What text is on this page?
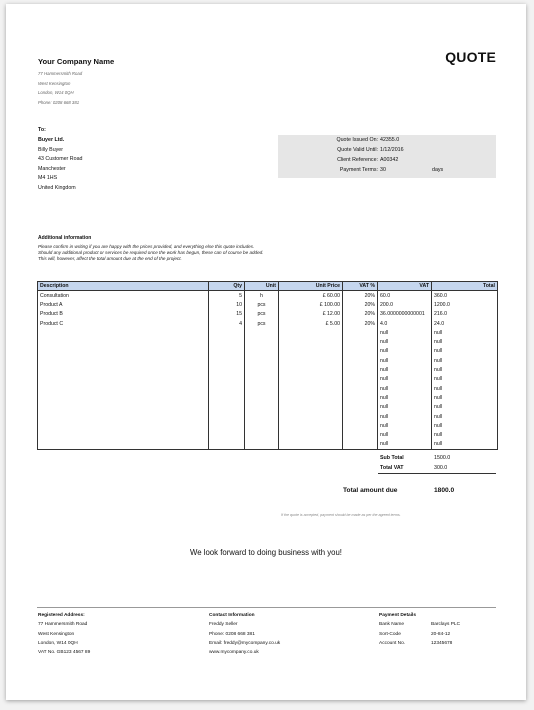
Your Company Name
77 Hammersmith Road
West Kensington
London, W14 0QH
Phone: 0208 668 381
QUOTE
To:
Buyer Ltd.
Billy Buyer
43 Customer Road
Manchester
M4 1HS
United Kingdom
Quote Issued On: 42355.0
Quote Valid Until: 1/12/2016
Client Reference: A00342
Payment Terms: 30	days
Additional information
Please confirm in writing if you are happy with the prices provided, and everything else this quote includes.
Should any additional product or services be required once the work has begun, these can of course be added.
This will, however, affect the total amount due at the end of the project.
Description	Qty	Unit	Unit Price	VAT %	VAT	Total
Consultation	5	h	£ 60.00	20%	60.0	360.0
Product A	10	pcs	£ 100.00	20%	200.0	1200.0
Product B	15	pcs	£ 12.00	20%	36.0000000000001	216.0
Product C	4	pcs	£ 5.00	20%	4.0	24.0
					null	null
					null	null
					null	null
					null	null
					null	null
					null	null
					null	null
					null	null
					null	null
					null	null
					null	null
					null	null
					null	null
Sub Total	1500.0
Total VAT	300.0
Total amount due	1800.0
If the quote is accepted, payment should be made as per the agreed terms.
We look forward to doing business with you!
Registered Address:
77 Hammersmith Road
West Kensington
London, W14 0QH
VAT No. GB123 4567 89
Contact Information
Freddy Seller
Phone: 0208 668 381
Email: freddy@mycompany.co.uk
www.mycompany.co.uk
Payment Details
Bank Name	Barclays PLC
Sort-Code	20-84-12
Account No.	12345678
